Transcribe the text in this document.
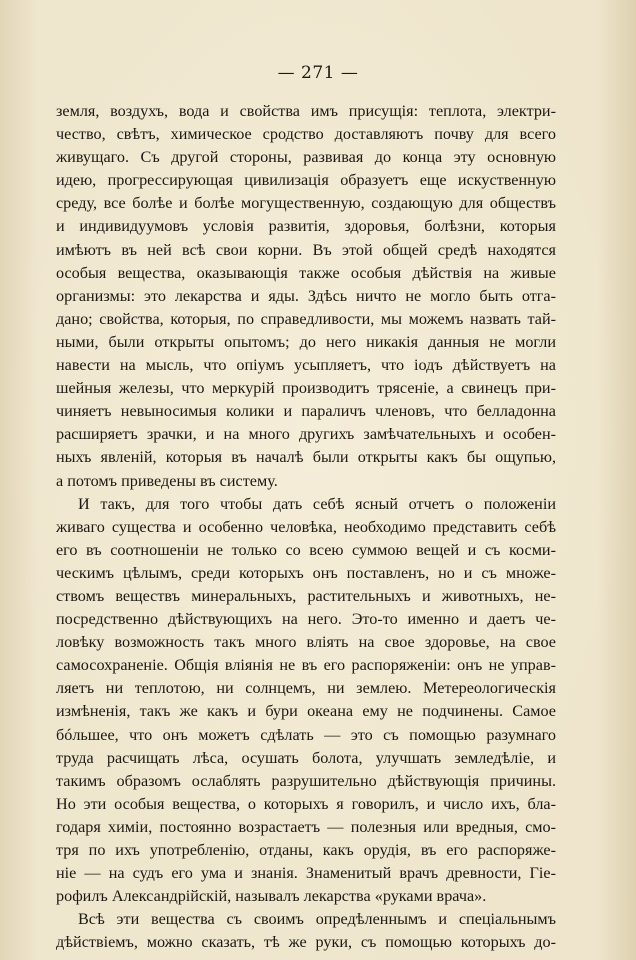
— 271 —
земля, воздухъ, вода и свойства имъ присущія: теплота, электри-
чество, свѣтъ, химическое сродство доставляютъ почву для всего
живущаго. Съ другой стороны, развивая до конца эту основную
идею, прогрессирующая цивилизація образуетъ еще искуственную
среду, все болѣе и болѣе могущественную, создающую для обществъ
и индивидуумовъ условія развитія, здоровья, болѣзни, которыя
имѣютъ въ ней всѣ свои корни. Въ этой общей средѣ находятся
особыя вещества, оказывающія также особыя дѣйствія на живые
организмы: это лекарства и яды. Здѣсь ничто не могло быть отга-
дано; свойства, которыя, по справедливости, мы можемъ назвать тай-
ными, были открыты опытомъ; до него никакія данныя не могли
навести на мысль, что опіумъ усыпляетъ, что іодъ дѣйствуетъ на
шейныя железы, что меркурій производитъ трясеніе, а свинецъ при-
чиняетъ невыносимыя колики и параличъ членовъ, что белладонна
расширяетъ зрачки, и на много другихъ замѣчательныхъ и особен-
ныхъ явленій, которыя въ началѣ были открыты какъ бы ощупью,
а потомъ приведены въ систему.
И такъ, для того чтобы дать себѣ ясный отчетъ о положеніи
живаго существа и особенно человѣка, необходимо представить себѣ
его въ соотношеніи не только со всею суммою вещей и съ косми-
ческимъ цѣлымъ, среди которыхъ онъ поставленъ, но и съ множе-
ствомъ веществъ минеральныхъ, растительныхъ и животныхъ, не-
посредственно дѣйствующихъ на него. Это-то именно и даетъ че-
ловѣку возможность такъ много вліять на свое здоровье, на свое
самосохраненіе. Общія вліянія не въ его распоряженіи: онъ не управ-
ляетъ ни теплотою, ни солнцемъ, ни землею. Метереологическія
измѣненія, такъ же какъ и бури океана ему не подчинены. Самое
бóльшее, что онъ можетъ сдѣлать — это съ помощью разумнаго
труда расчищать лѣса, осушать болота, улучшать земледѣліе, и
такимъ образомъ ослаблять разрушительно дѣйствующія причины.
Но эти особыя вещества, о которыхъ я говорилъ, и число ихъ, бла-
годаря химіи, постоянно возрастаетъ — полезныя или вредныя, смо-
тря по ихъ употребленію, отданы, какъ орудія, въ его распоряже-
ніе — на судъ его ума и знанія. Знаменитый врачъ древности, Гіе-
рофилъ Александрійскій, называлъ лекарства «руками врача».
Всѣ эти вещества съ своимъ опредѣленнымъ и спеціальнымъ
дѣйствіемъ, можно сказать, тѣ же руки, съ помощью которыхъ до-
